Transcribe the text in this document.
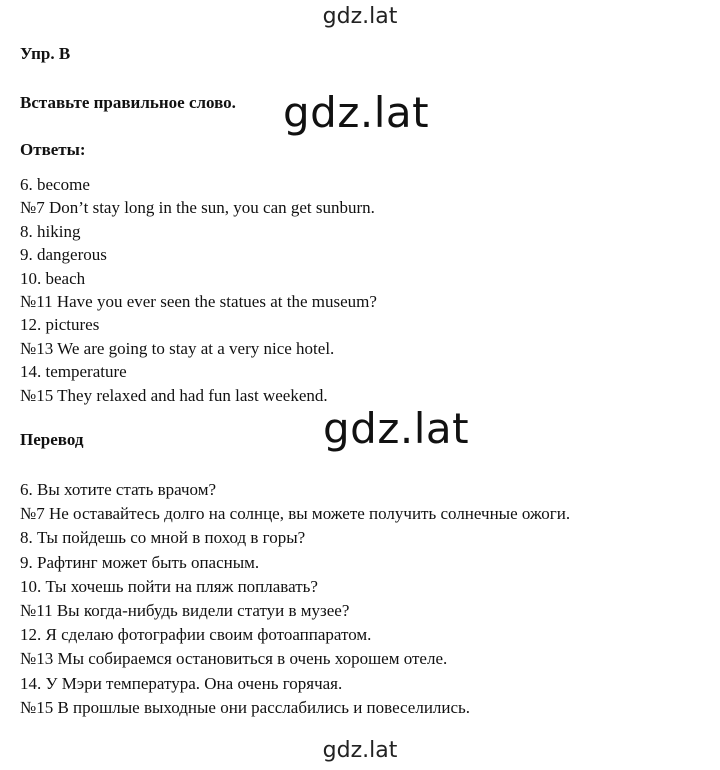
gdz.lat
Упр. B
Вставьте правильное слово. gdz.lat
Ответы:
6. become
№7 Don’t stay long in the sun, you can get sunburn.
8. hiking
9. dangerous
10. beach
№11 Have you ever seen the statues at the museum?
12. pictures
№13 We are going to stay at a very nice hotel.
14. temperature
№15 They relaxed and had fun last weekend.
gdz.lat
Перевод
6. Вы хотите стать врачом?
№7 Не оставайтесь долго на солнце, вы можете получить солнечные ожоги.
8. Ты пойдешь со мной в поход в горы?
9. Рафтинг может быть опасным.
10. Ты хочешь пойти на пляж поплавать?
№11 Вы когда-нибудь видели статуи в музее?
12. Я сделаю фотографии своим фотоаппаратом.
№13 Мы собираемся остановиться в очень хорошем отеле.
14. У Мэри температура. Она очень горячая.
№15 В прошлые выходные они расслабились и повеселились.
gdz.lat
